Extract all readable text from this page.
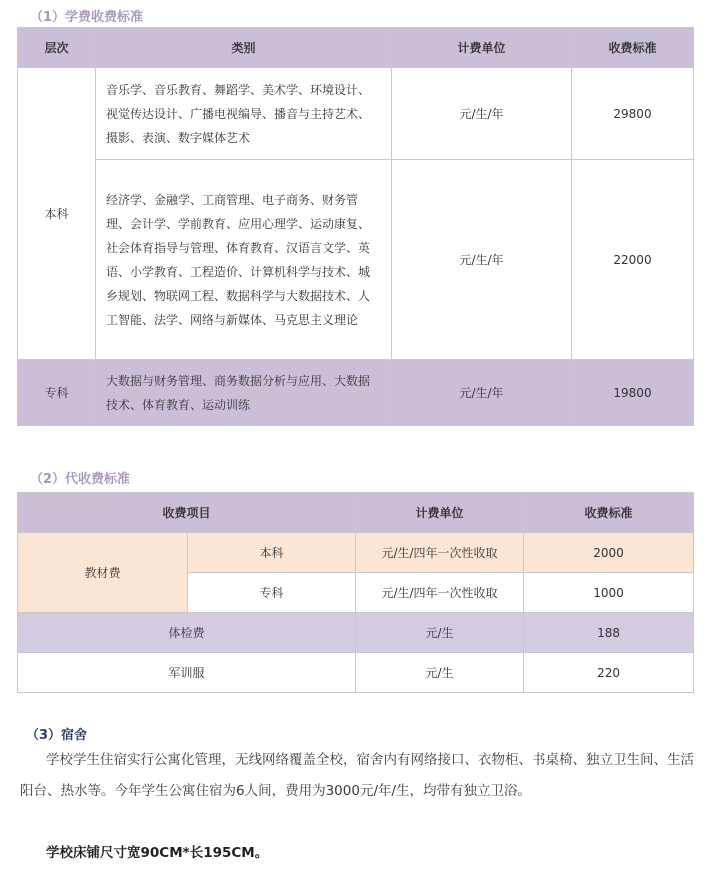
（1）学费收费标准
层次	类别	计费单位	收费标准
本科	音乐学、音乐教育、舞蹈学、美术学、环境设计、视觉传达设计、广播电视编导、播音与主持艺术、摄影、表演、数字媒体艺术	元/生/年	29800
	经济学、金融学、工商管理、电子商务、财务管理、会计学、学前教育、应用心理学、运动康复、社会体育指导与管理、体育教育、汉语言文学、英语、小学教育、工程造价、计算机科学与技术、城乡规划、物联网工程、数据科学与大数据技术、人工智能、法学、网络与新媒体、马克思主义理论	元/生/年	22000
专科	大数据与财务管理、商务数据分析与应用、大数据技术、体育教育、运动训练	元/生/年	19800
（2）代收费标准
收费项目		计费单位	收费标准
教材费	本科	元/生/四年一次性收取	2000
	专科	元/生/四年一次性收取	1000
体检费		元/生	188
军训服		元/生	220
（3）宿舍

学校学生住宿实行公寓化管理，无线网络覆盖全校，宿舍内有网络接口、衣物柜、书桌椅、独立卫生间、生活阳台、热水等。今年学生公寓住宿为6人间，费用为3000元/年/生，均带有独立卫浴。

学校床铺尺寸宽90CM*长195CM。
